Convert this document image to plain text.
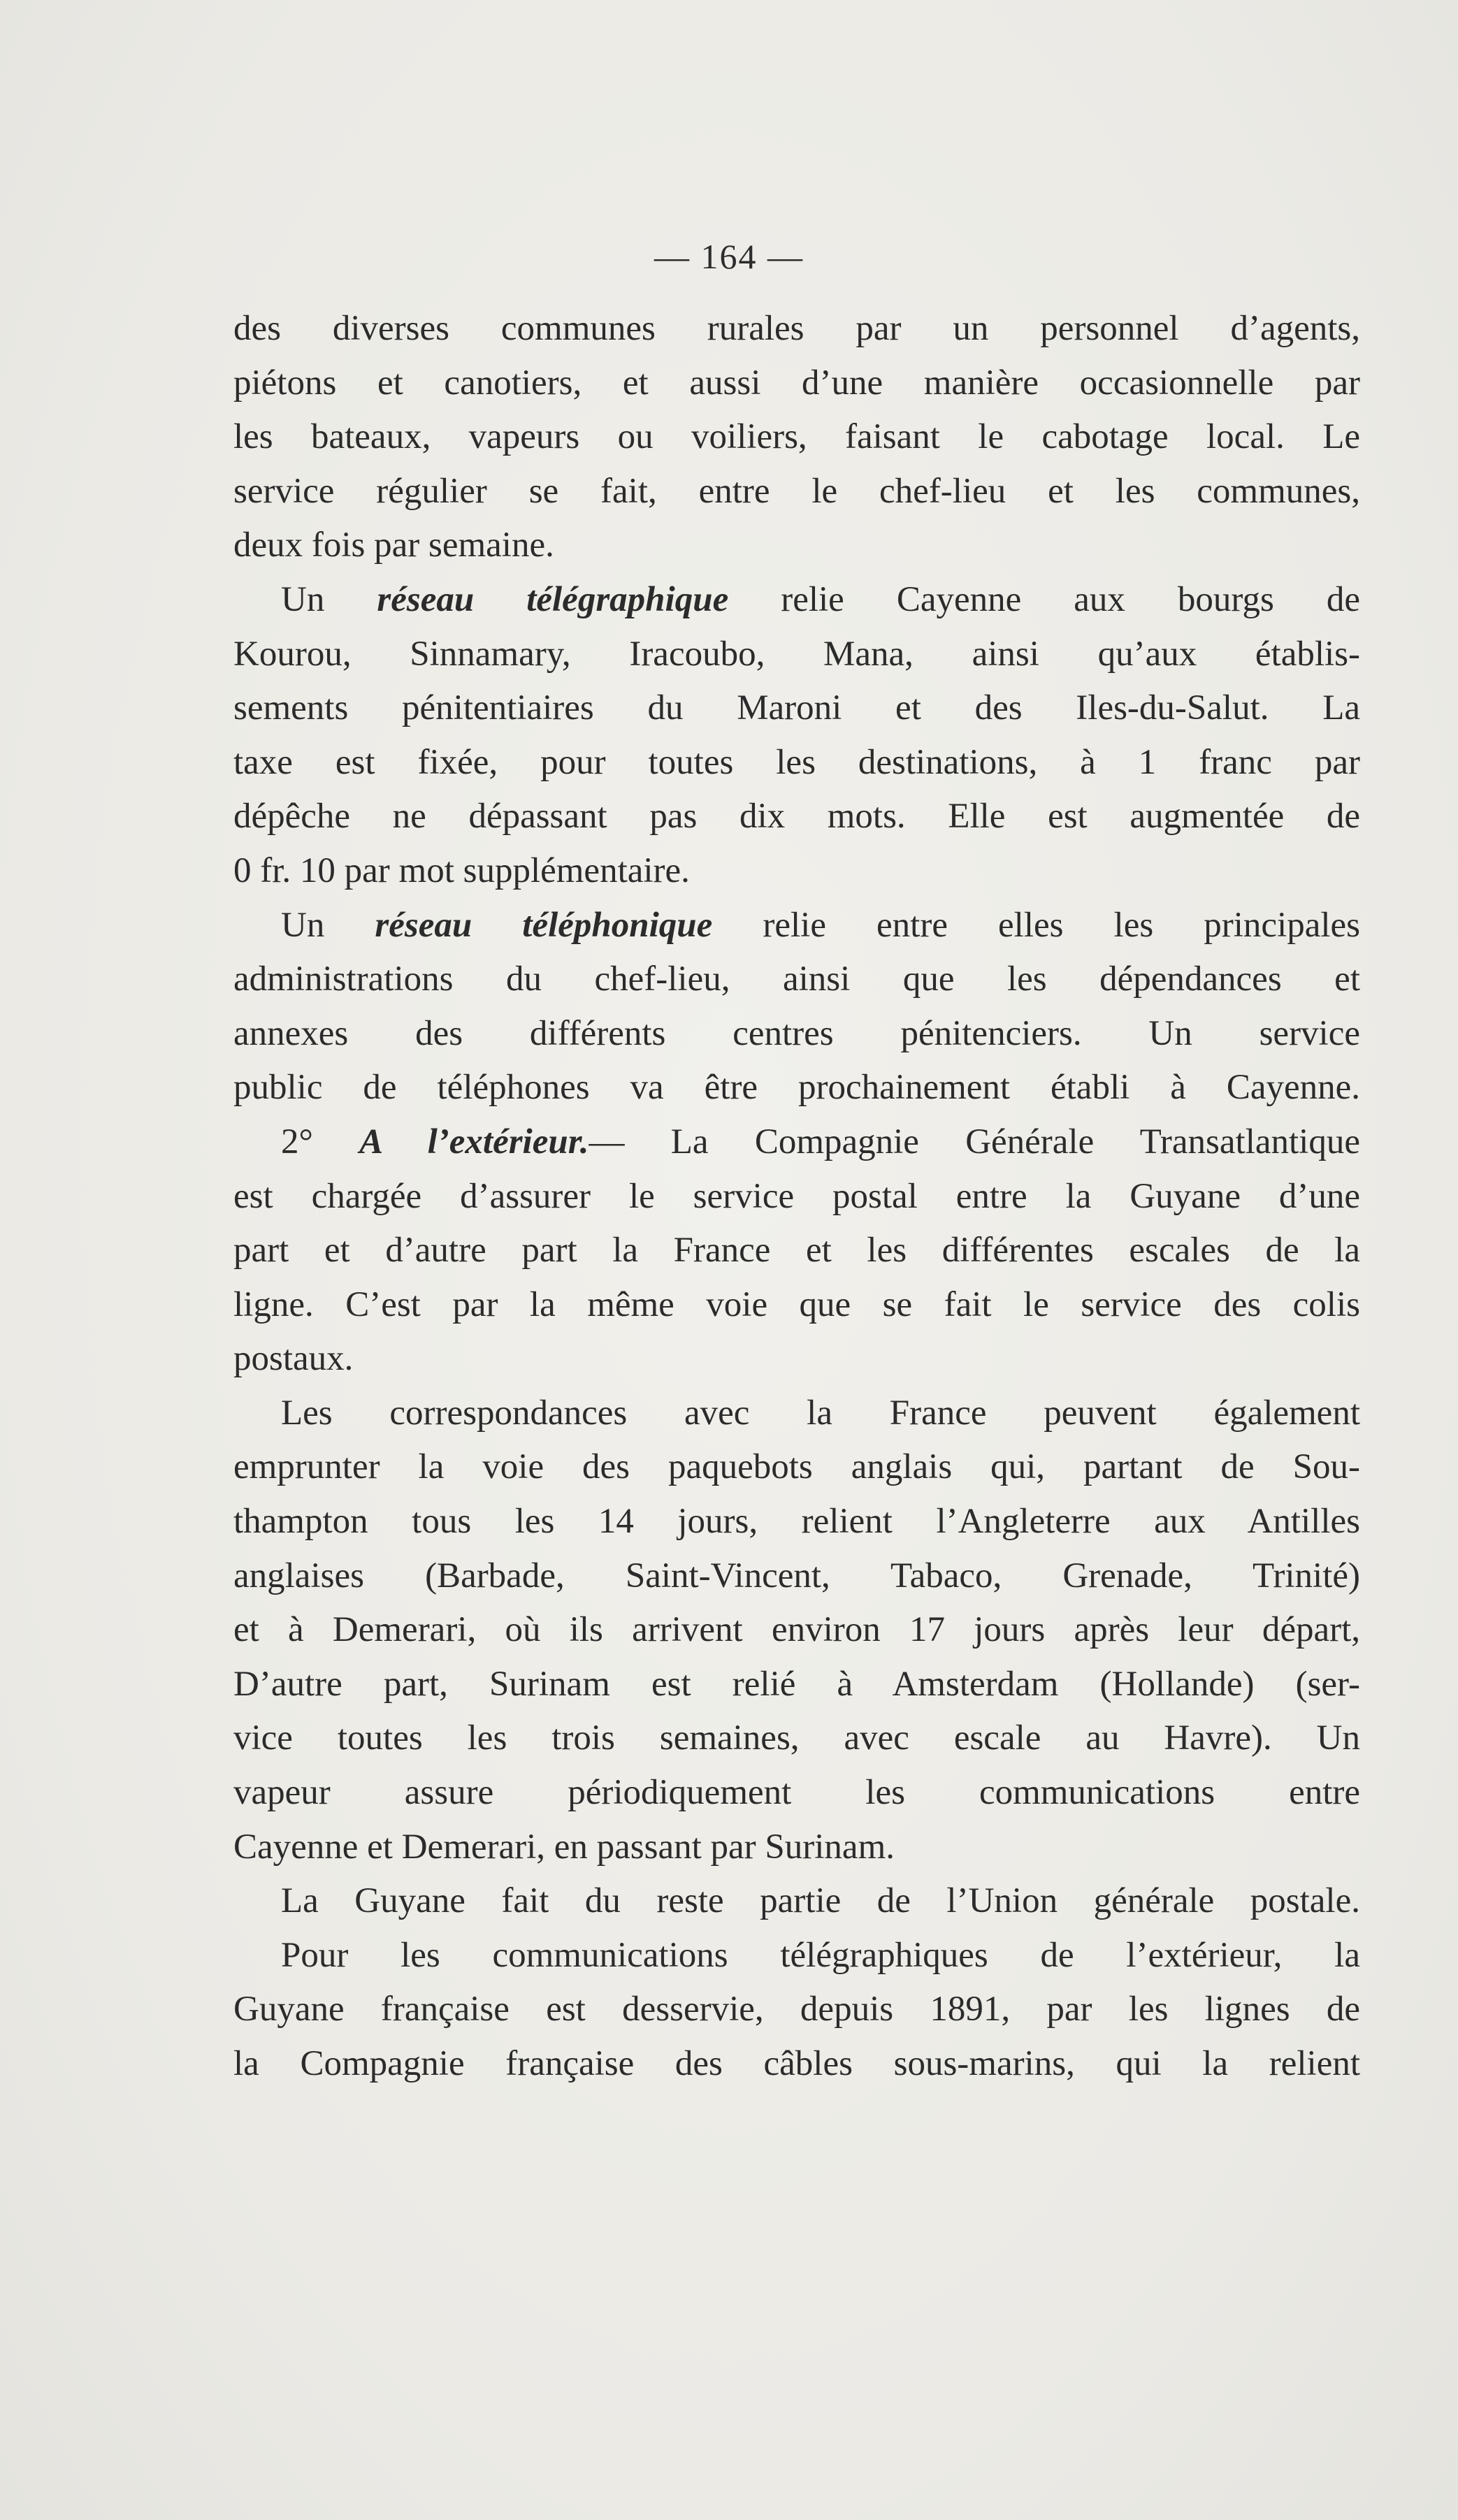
— 164 —
des diverses communes rurales par un personnel d’agents,
piétons et canotiers, et aussi d’une manière occasionnelle par
les bateaux, vapeurs ou voiliers, faisant le cabotage local. Le
service régulier se fait, entre le chef-lieu et les communes,
deux fois par semaine.
Un réseau télégraphique relie Cayenne aux bourgs de
Kourou, Sinnamary, Iracoubo, Mana, ainsi qu’aux établis-
sements pénitentiaires du Maroni et des Iles-du-Salut. La
taxe est fixée, pour toutes les destinations, à 1 franc par
dépêche ne dépassant pas dix mots. Elle est augmentée de
0 fr. 10 par mot supplémentaire.
Un réseau téléphonique relie entre elles les principales
administrations du chef-lieu, ainsi que les dépendances et
annexes des différents centres pénitenciers. Un service
public de téléphones va être prochainement établi à Cayenne.
2° A l’extérieur.— La Compagnie Générale Transatlantique
est chargée d’assurer le service postal entre la Guyane d’une
part et d’autre part la France et les différentes escales de la
ligne. C’est par la même voie que se fait le service des colis
postaux.
Les correspondances avec la France peuvent également
emprunter la voie des paquebots anglais qui, partant de Sou-
thampton tous les 14 jours, relient l’Angleterre aux Antilles
anglaises (Barbade, Saint-Vincent, Tabaco, Grenade, Trinité)
et à Demerari, où ils arrivent environ 17 jours après leur départ,
D’autre part, Surinam est relié à Amsterdam (Hollande) (ser-
vice toutes les trois semaines, avec escale au Havre). Un
vapeur assure périodiquement les communications entre
Cayenne et Demerari, en passant par Surinam.
La Guyane fait du reste partie de l’Union générale postale.
Pour les communications télégraphiques de l’extérieur, la
Guyane française est desservie, depuis 1891, par les lignes de
la Compagnie française des câbles sous-marins, qui la relient
